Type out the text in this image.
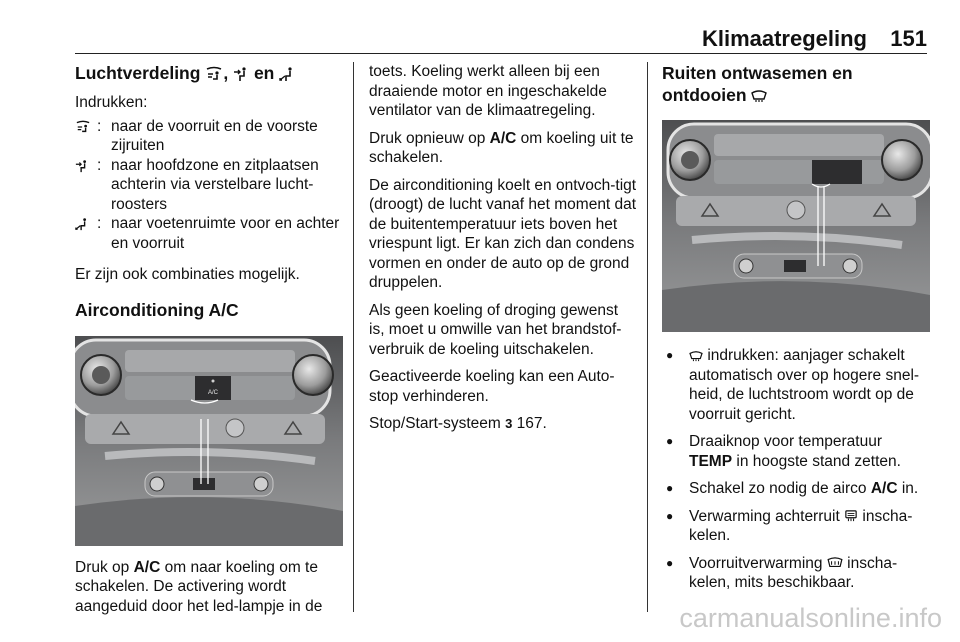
Klimaatregeling 151
Luchtverdeling , en

Indrukken:

: naar de voorruit en de voorste zijruiten
: naar hoofdzone en zitplaatsen achterin via verstelbare lucht-roosters
: naar voetenruimte voor en achter en voorruit

Er zijn ook combinaties mogelijk.

Airconditioning A/C
A/C

Druk op A/C om naar koeling om te schakelen. De activering wordt aangeduid door het led-lampje in de

toets. Koeling werkt alleen bij een draaiende motor en ingeschakelde ventilator van de klimaatregeling.

Druk opnieuw op A/C om koeling uit te schakelen.

De airconditioning koelt en ontvoch-tigt (droogt) de lucht vanaf het moment dat de buitentemperatuur iets boven het vriespunt ligt. Er kan zich dan condens vormen en onder de auto op de grond druppelen.

Als geen koeling of droging gewenst is, moet u omwille van het brandstof-verbruik de koeling uitschakelen.

Geactiveerde koeling kan een Auto-stop verhinderen.

Stop/Start-systeem 3 167.

Ruiten ontwasemen en
ontdooien
● indrukken: aanjager schakelt automatisch over op hogere snel-heid, de luchtstroom wordt op de voorruit gericht.
● Draaiknop voor temperatuur TEMP in hoogste stand zetten.
● Schakel zo nodig de airco A/C in.
● Verwarming achterruit inscha-kelen.
● Voorruitverwarming inscha-kelen, mits beschikbaar.
carmanualsonline.info
